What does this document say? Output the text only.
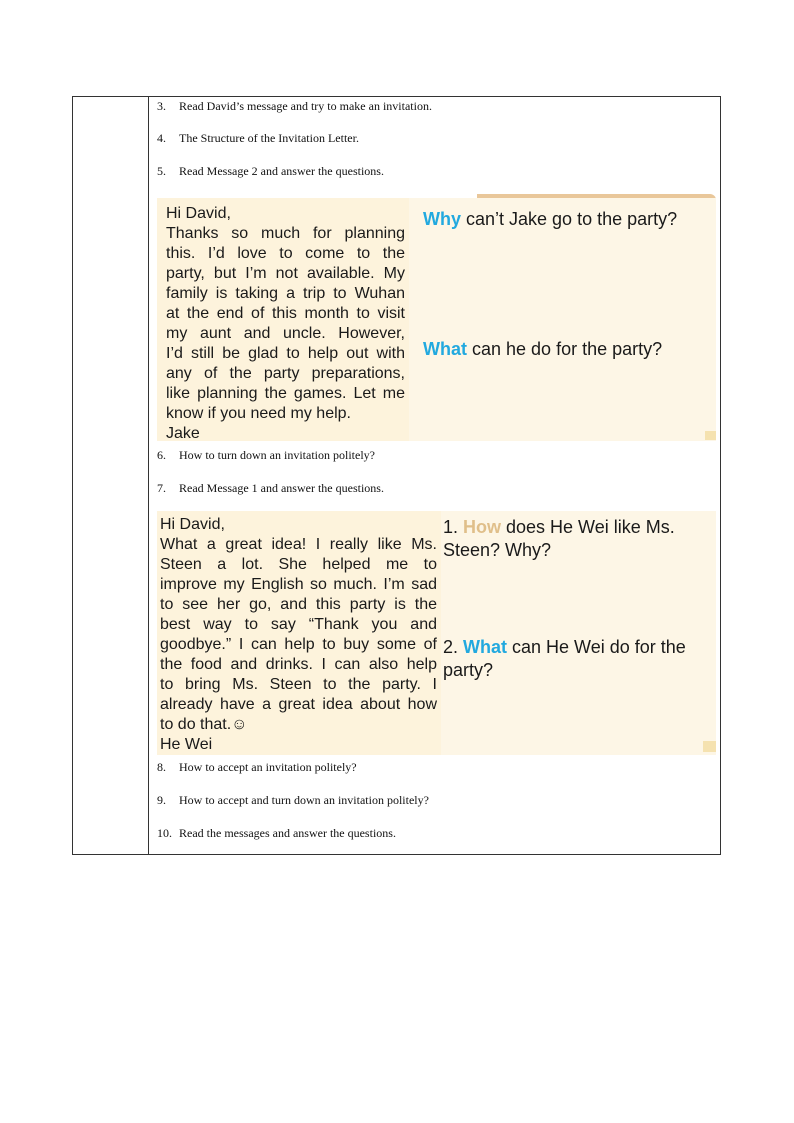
3. Read David’s message and try to make an invitation.
4. The Structure of the Invitation Letter.
5. Read Message 2 and answer the questions.
Hi David,
Thanks so much for planning
this. I’d love to come to the
party, but I’m not available. My
family is taking a trip to Wuhan
at the end of this month to visit
my aunt and uncle. However,
I’d still be glad to help out with
any of the party preparations,
like planning the games. Let me
know if you need my help.
Jake
Why can’t Jake go to the party?
What can he do for the party?
6. How to turn down an invitation politely?
7. Read Message 1 and answer the questions.
Hi David,
What a great idea! I really like Ms.
Steen a lot. She helped me to
improve my English so much. I’m sad
to see her go, and this party is the
best way to say “Thank you and
goodbye.” I can help to buy some of
the food and drinks. I can also help
to bring Ms. Steen to the party. I
already have a great idea about how
to do that.☺
He Wei
1. How does He Wei like Ms.
Steen? Why?
2. What can He Wei do for the
party?
8. How to accept an invitation politely?
9. How to accept and turn down an invitation politely?
10. Read the messages and answer the questions.
